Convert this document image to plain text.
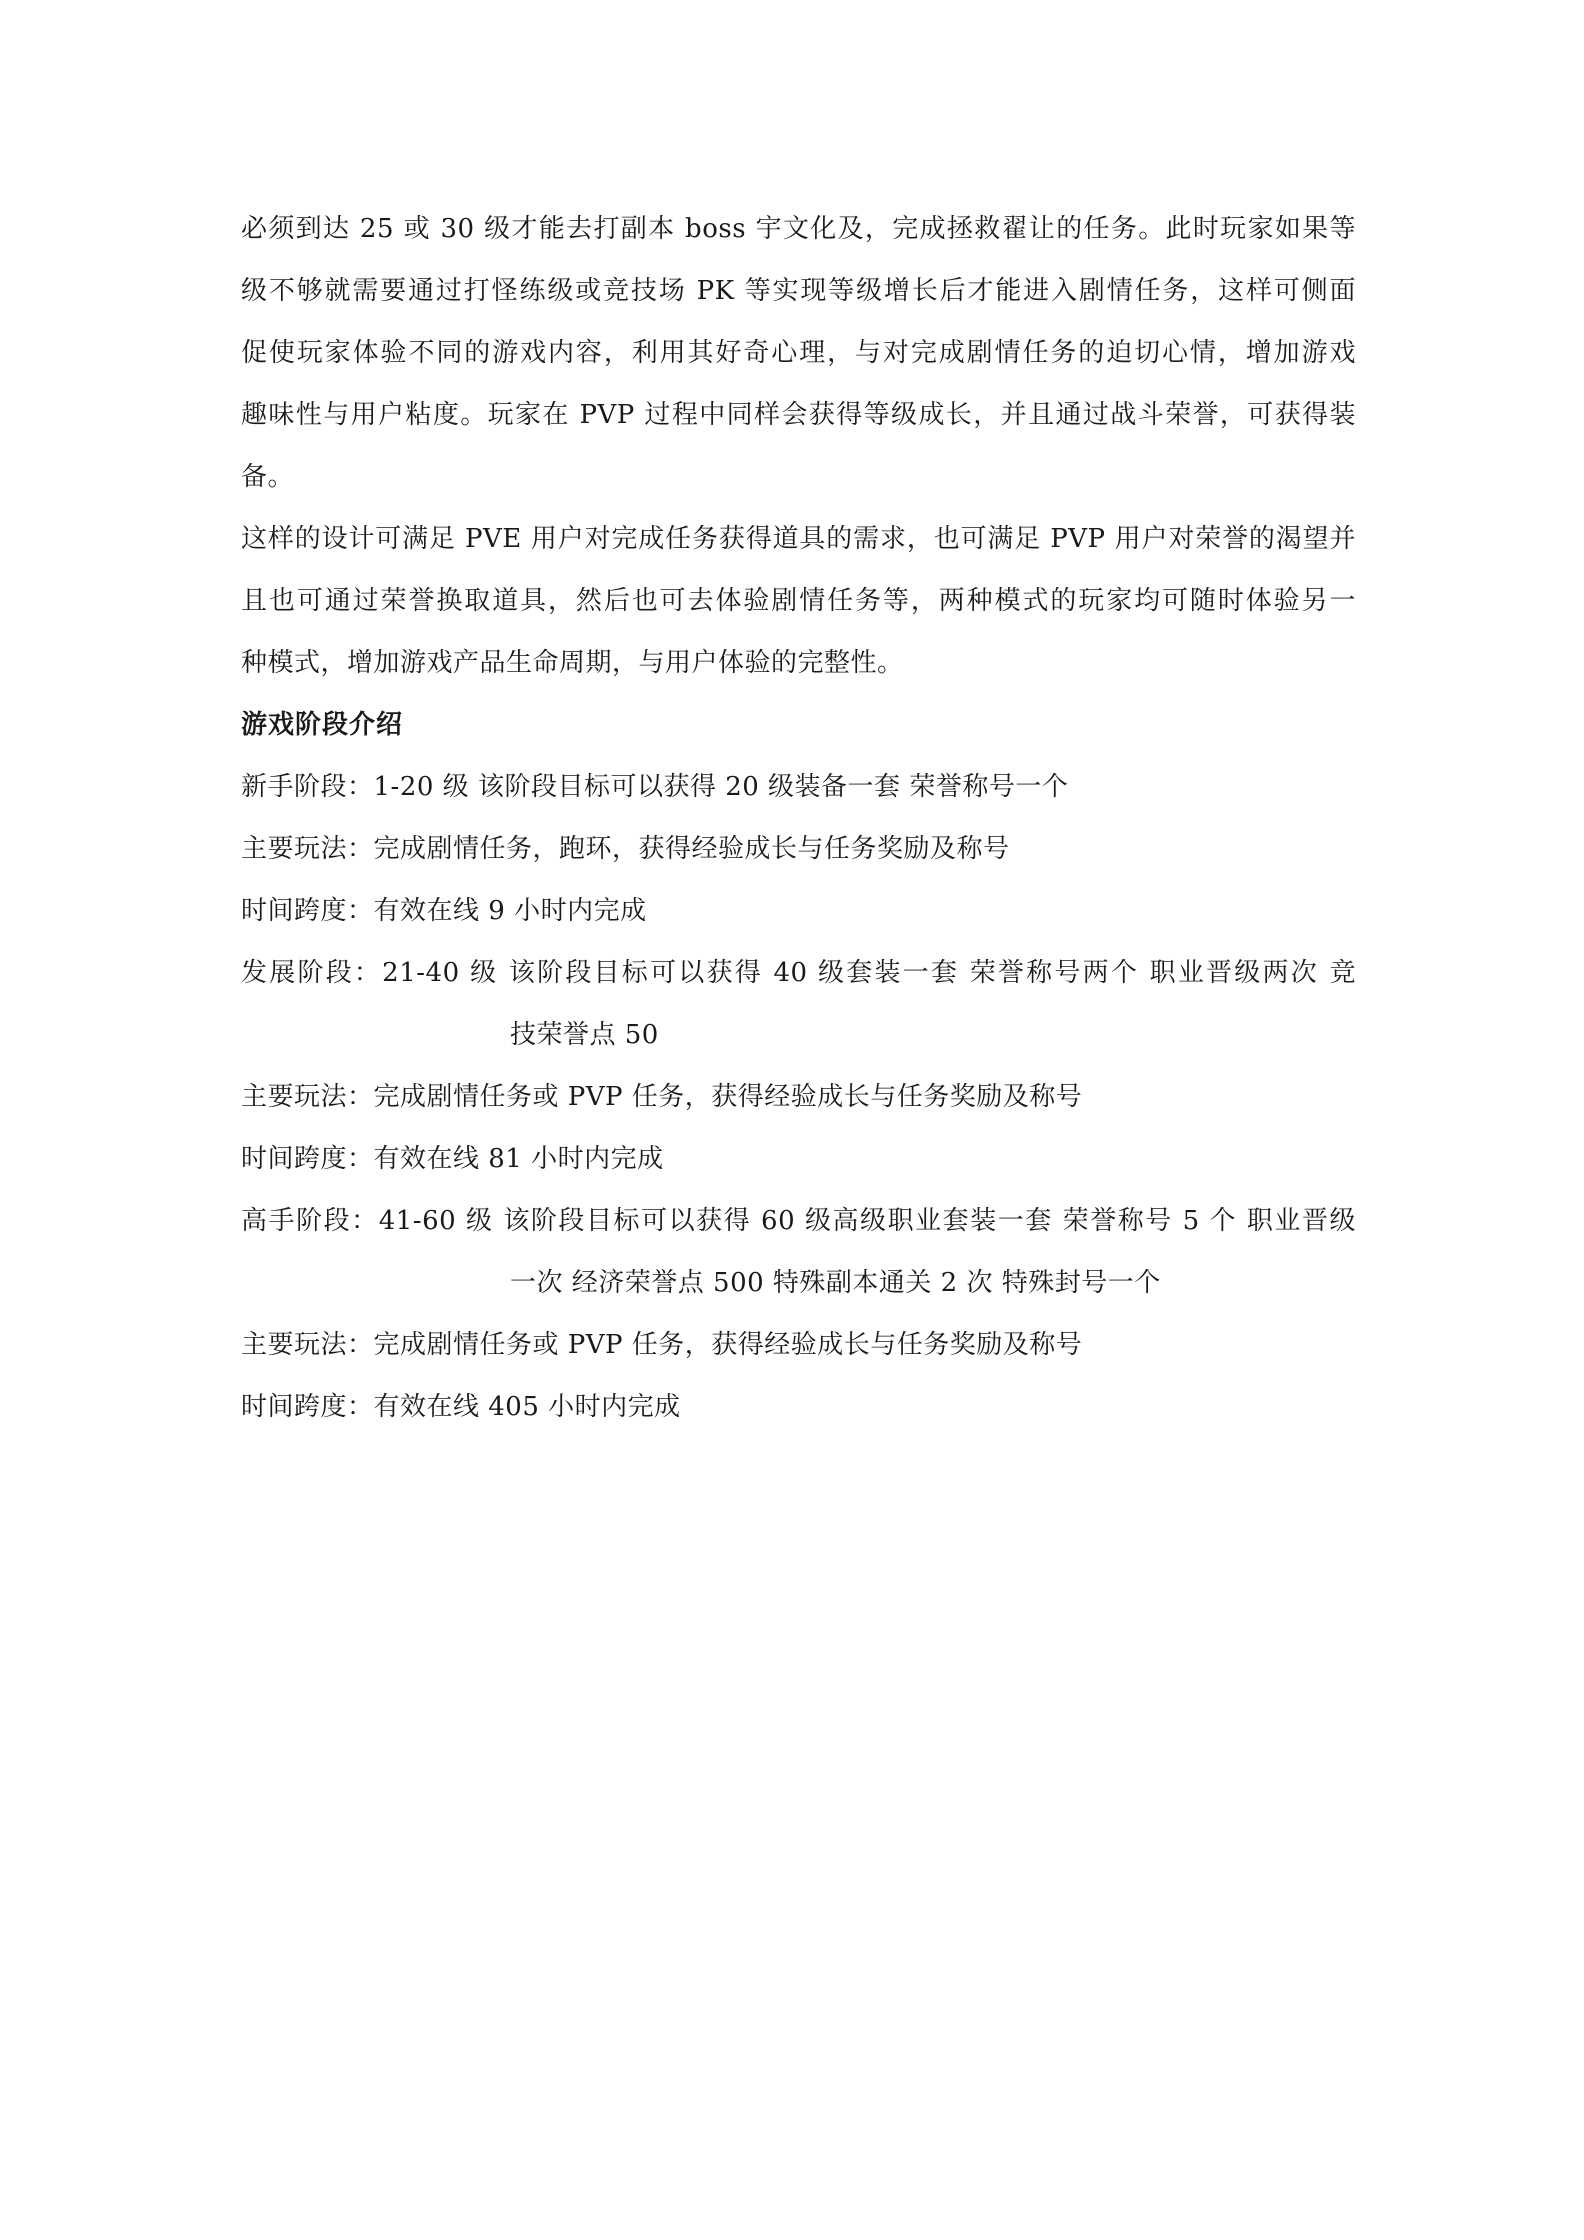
必须到达 25 或 30 级才能去打副本 boss 宇文化及，完成拯救翟让的任务。此时玩家如果等
级不够就需要通过打怪练级或竞技场 PK 等实现等级增长后才能进入剧情任务，这样可侧面
促使玩家体验不同的游戏内容，利用其好奇心理，与对完成剧情任务的迫切心情，增加游戏
趣味性与用户粘度。玩家在 PVP 过程中同样会获得等级成长，并且通过战斗荣誉，可获得装
备。
这样的设计可满足 PVE 用户对完成任务获得道具的需求，也可满足 PVP 用户对荣誉的渴望并
且也可通过荣誉换取道具，然后也可去体验剧情任务等，两种模式的玩家均可随时体验另一
种模式，增加游戏产品生命周期，与用户体验的完整性。
游戏阶段介绍
新手阶段：1-20 级 该阶段目标可以获得 20 级装备一套 荣誉称号一个
主要玩法：完成剧情任务，跑环，获得经验成长与任务奖励及称号
时间跨度：有效在线 9 小时内完成
发展阶段：21-40 级 该阶段目标可以获得 40 级套装一套 荣誉称号两个 职业晋级两次 竞
技荣誉点 50
主要玩法：完成剧情任务或 PVP 任务，获得经验成长与任务奖励及称号
时间跨度：有效在线 81 小时内完成
高手阶段：41-60 级 该阶段目标可以获得 60 级高级职业套装一套 荣誉称号 5 个 职业晋级
一次 经济荣誉点 500 特殊副本通关 2 次 特殊封号一个
主要玩法：完成剧情任务或 PVP 任务，获得经验成长与任务奖励及称号
时间跨度：有效在线 405 小时内完成
